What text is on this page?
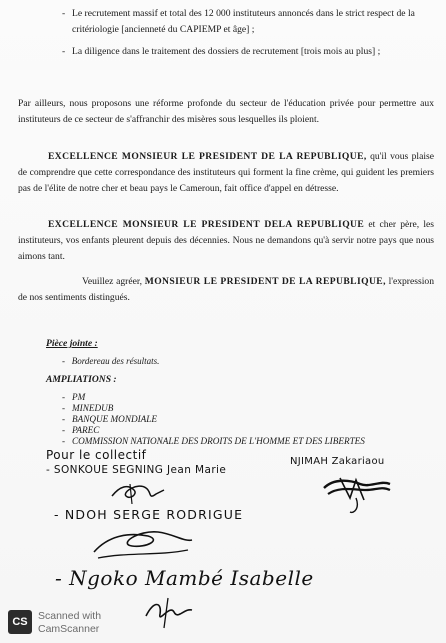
- Le recrutement massif et total des 12 000 instituteurs annoncés dans le strict respect de la critériologie [ancienneté du CAPIEMP et âge] ;
- La diligence dans le traitement des dossiers de recrutement [trois mois au plus] ;
Par ailleurs, nous proposons une réforme profonde du secteur de l'éducation privée pour permettre aux instituteurs de ce secteur de s'affranchir des misères sous lesquelles ils ploient.
EXCELLENCE MONSIEUR LE PRESIDENT DE LA REPUBLIQUE, qu'il vous plaise de comprendre que cette correspondance des instituteurs qui forment la fine crème, qui guident les premiers pas de l'élite de notre cher et beau pays le Cameroun, fait office d'appel en détresse.
EXCELLENCE MONSIEUR LE PRESIDENT DELA REPUBLIQUE et cher père, les instituteurs, vos enfants pleurent depuis des décennies. Nous ne demandons qu'à servir notre pays que nous aimons tant.
Veuillez agréer, MONSIEUR LE PRESIDENT DE LA REPUBLIQUE, l'expression de nos sentiments distingués.
Pièce jointe :
-   Bordereau des résultats.
AMPLIATIONS :
- PM
- MINEDUB
- BANQUE MONDIALE
- PAREC
- COMMISSION NATIONALE DES DROITS DE L'HOMME ET DES LIBERTES
Pour le collectif
- SONKOUE SEGNING Jean Marie
NJIMAH Zakariaou
- NDOH SERGE RODRIGUE
- Ngoko Mambé Isabelle
CS Scanned with
CamScanner
